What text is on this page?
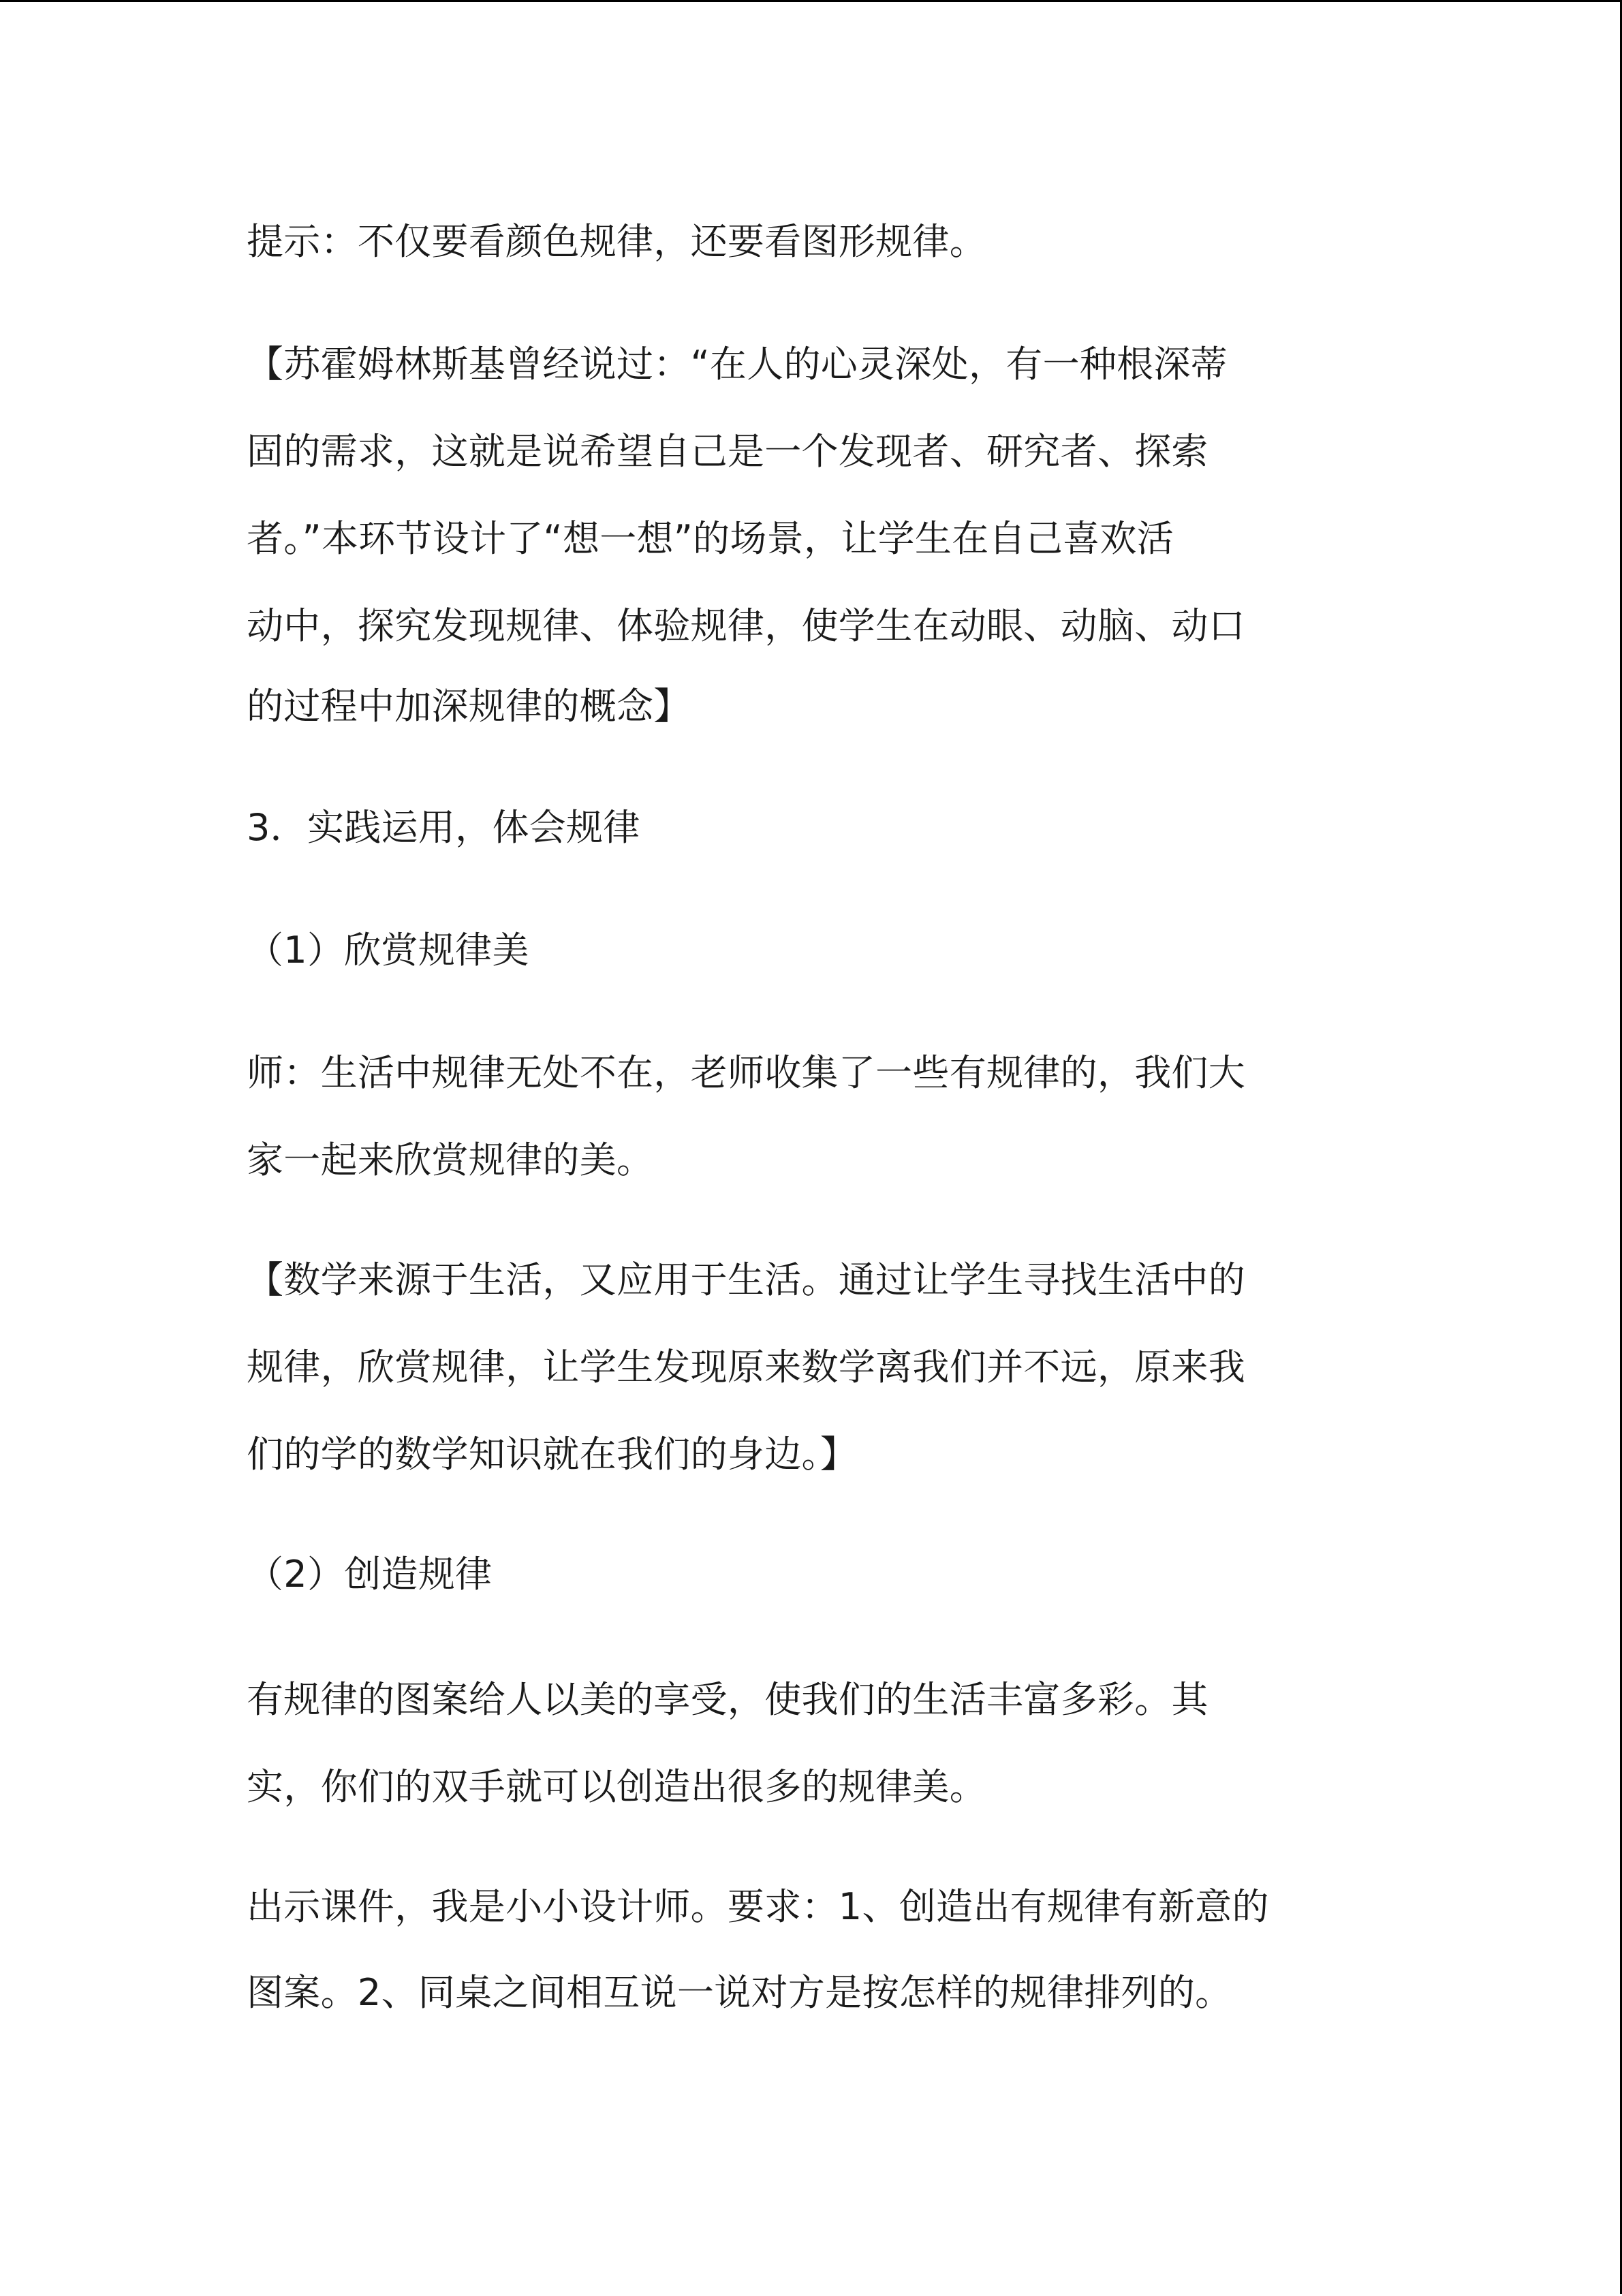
提示：不仅要看颜色规律，还要看图形规律。
【苏霍姆林斯基曾经说过：“在人的心灵深处，有一种根深蒂
固的需求，这就是说希望自己是一个发现者、研究者、探索
者。”本环节设计了“想一想”的场景，让学生在自己喜欢活
动中，探究发现规律、体验规律，使学生在动眼、动脑、动口
的过程中加深规律的概念】
3．实践运用，体会规律
（1）欣赏规律美
师：生活中规律无处不在，老师收集了一些有规律的，我们大
家一起来欣赏规律的美。
【数学来源于生活，又应用于生活。通过让学生寻找生活中的
规律，欣赏规律，让学生发现原来数学离我们并不远，原来我
们的学的数学知识就在我们的身边。】
（2）创造规律
有规律的图案给人以美的享受，使我们的生活丰富多彩。其
实，你们的双手就可以创造出很多的规律美。
出示课件，我是小小设计师。要求：1、创造出有规律有新意的
图案。2、同桌之间相互说一说对方是按怎样的规律排列的。
